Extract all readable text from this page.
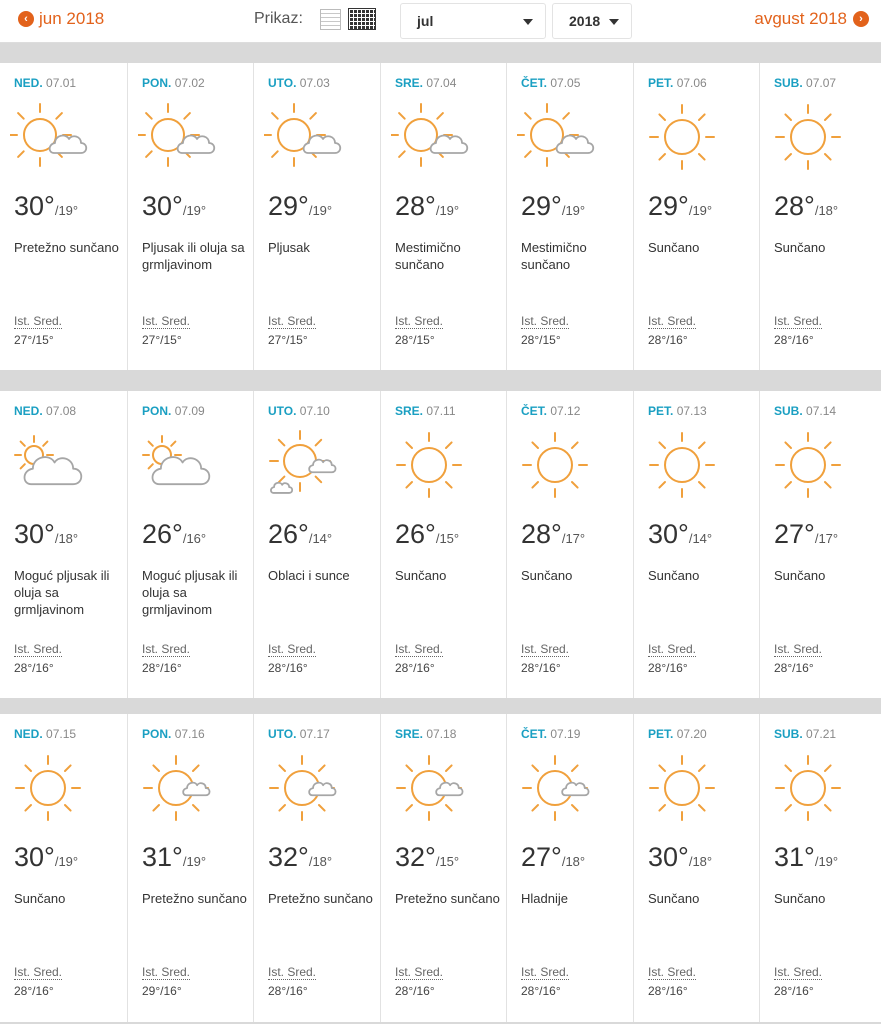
‹ jun 2018	Prikaz:	jul	2018	avgust 2018	›
NED. 07.01
30°/19°
Pretežno sunčano
Ist. Sred.
27°/15°
PON. 07.02
30°/19°
Pljusak ili oluja sa grmljavinom
Ist. Sred.
27°/15°
UTO. 07.03
29°/19°
Pljusak
Ist. Sred.
27°/15°
SRE. 07.04
28°/19°
Mestimično sunčano
Ist. Sred.
28°/15°
ČET. 07.05
29°/19°
Mestimično sunčano
Ist. Sred.
28°/15°
PET. 07.06
29°/19°
Sunčano
Ist. Sred.
28°/16°
SUB. 07.07
28°/18°
Sunčano
Ist. Sred.
28°/16°
NED. 07.08
30°/18°
Moguć pljusak ili oluja sa grmljavinom
Ist. Sred.
28°/16°
PON. 07.09
26°/16°
Moguć pljusak ili oluja sa grmljavinom
Ist. Sred.
28°/16°
UTO. 07.10
26°/14°
Oblaci i sunce
Ist. Sred.
28°/16°
SRE. 07.11
26°/15°
Sunčano
Ist. Sred.
28°/16°
ČET. 07.12
28°/17°
Sunčano
Ist. Sred.
28°/16°
PET. 07.13
30°/14°
Sunčano
Ist. Sred.
28°/16°
SUB. 07.14
27°/17°
Sunčano
Ist. Sred.
28°/16°
NED. 07.15
30°/19°
Sunčano
Ist. Sred.
28°/16°
PON. 07.16
31°/19°
Pretežno sunčano
Ist. Sred.
29°/16°
UTO. 07.17
32°/18°
Pretežno sunčano
Ist. Sred.
28°/16°
SRE. 07.18
32°/15°
Pretežno sunčano
Ist. Sred.
28°/16°
ČET. 07.19
27°/18°
Hladnije
Ist. Sred.
28°/16°
PET. 07.20
30°/18°
Sunčano
Ist. Sred.
28°/16°
SUB. 07.21
31°/19°
Sunčano
Ist. Sred.
28°/16°
